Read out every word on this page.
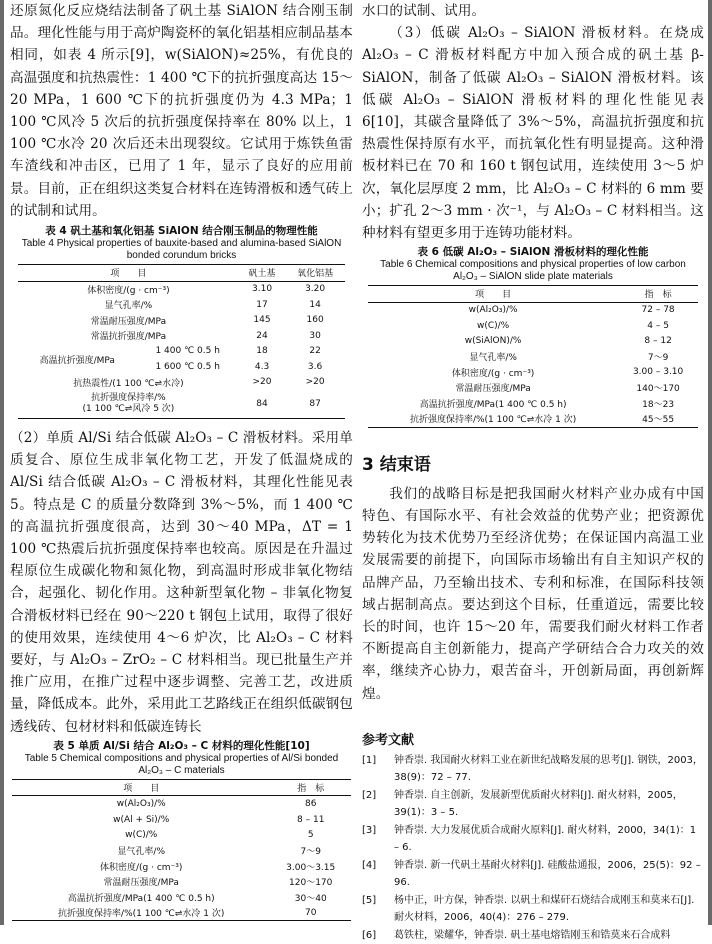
还原氮化反应烧结法制备了矾土基 SiAlON 结合刚玉制品。理化性能与用于高炉陶瓷杯的氧化铝基相应制品基本相同，如表 4 所示[9]，w(SiAlON)≈25%，有优良的高温强度和抗热震性：1 400 ℃下的抗折强度高达 15～20 MPa，1 600 ℃下的抗折强度仍为 4.3 MPa；1 100 ℃风冷 5 次后的抗折强度保持率在 80% 以上，1 100 ℃水冷 20 次后还未出现裂纹。它试用于炼铁鱼雷车渣线和冲击区，已用了 1 年，显示了良好的应用前景。目前，正在组织这类复合材料在连铸滑板和透气砖上的试制和试用。

表 4 矾土基和氧化铝基 SiAlON 结合刚玉制品的物理性能

Table 4 Physical properties of bauxite-based and alumina-based SiAlON bonded corundum bricks

项　　目		矾土基	氧化铝基
体积密度/(g · cm⁻³)		3.10	3.20
显气孔率/%		17	14
常温耐压强度/MPa		145	160
常温抗折强度/MPa		24	30
高温抗折强度/MPa	1 400 ℃ 0.5 h	18	22
	1 600 ℃ 0.5 h	4.3	3.6
抗热震性/(1 100 ℃⇌水冷)		>20	>20
抗折强度保持率/%
(1 100 ℃⇌风冷 5 次)		84	87

（2）单质 Al/Si 结合低碳 Al₂O₃ – C 滑板材料。采用单质复合、原位生成非氧化物工艺，开发了低温烧成的 Al/Si 结合低碳 Al₂O₃ – C 滑板材料，其理化性能见表 5。特点是 C 的质量分数降到 3%～5%，而 1 400 ℃的高温抗折强度很高，达到 30～40 MPa，ΔT = 1 100 ℃热震后抗折强度保持率也较高。原因是在升温过程原位生成碳化物和氮化物，到高温时形成非氧化物结合，起强化、韧化作用。这种新型氧化物 – 非氧化物复合滑板材料已经在 90～220 t 钢包上试用，取得了很好的使用效果，连续使用 4～6 炉次，比 Al₂O₃ – C 材料要好，与 Al₂O₃ – ZrO₂ – C 材料相当。现已批量生产并推广应用，在推广过程中逐步调整、完善工艺，改进质量，降低成本。此外，采用此工艺路线正在组织低碳钢包透线砖、包材材料和低碳连铸长

表 5 单质 Al/Si 结合 Al₂O₃ – C 材料的理化性能[10]

Table 5 Chemical compositions and physical properties of Al/Si bonded Al₂O₃ – C materials

项　　目	指　标
w(Al₂O₃)/%	86
w(Al + Si)/%	8 – 11
w(C)/%	5
显气孔率/%	7～9
体积密度/(g · cm⁻³)	3.00～3.15
常温耐压强度/MPa	120～170
高温抗折强度/MPa(1 400 ℃ 0.5 h)	30～40
抗折强度保持率/%(1 100 ℃⇌水冷 1 次)	70

水口的试制、试用。

（3）低碳 Al₂O₃ – SiAlON 滑板材料。在烧成 Al₂O₃ – C 滑板材料配方中加入预合成的矾土基 β-SiAlON，制备了低碳 Al₂O₃ – SiAlON 滑板材料。该低碳 Al₂O₃ – SiAlON 滑板材料的理化性能见表 6[10]，其碳含量降低了 3%～5%，高温抗折强度和抗热震性保持原有水平，而抗氧化性有明显提高。这种滑板材料已在 70 和 160 t 钢包试用，连续使用 3～5 炉次，氧化层厚度 2 mm，比 Al₂O₃ – C 材料的 6 mm 要小；扩孔 2～3 mm · 次⁻¹，与 Al₂O₃ – C 材料相当。这种材料有望更多用于连铸功能材料。

表 6 低碳 Al₂O₃ – SiAlON 滑板材料的理化性能

Table 6 Chemical compositions and physical properties of low carbon Al₂O₃ – SiAlON slide plate materials

项　　目	指　标
w(Al₂O₃)/%	72 – 78
w(C)/%	4 – 5
w(SiAlON)/%	8 – 12
显气孔率/%	7～9
体积密度/(g · cm⁻³)	3.00 – 3.10
常温耐压强度/MPa	140～170
高温抗折强度/MPa(1 400 ℃ 0.5 h)	18～23
抗折强度保持率/%(1 100 ℃⇌水冷 1 次)	45～55
3 结束语

我们的战略目标是把我国耐火材料产业办成有中国特色、有国际水平、有社会效益的优势产业；把资源优势转化为技术优势乃至经济优势；在保证国内高温工业发展需要的前提下，向国际市场输出有自主知识产权的品牌产品，乃至输出技术、专利和标准，在国际科技领域占据制高点。要达到这个目标，任重道远，需要比较长的时间，也许 15～20 年，需要我们耐火材料工作者不断提高自主创新能力，提高产学研结合合力攻关的效率，继续齐心协力，艰苦奋斗，开创新局面，再创新辉煌。

参考文献

[1] 钟香崇. 我国耐火材料工业在新世纪战略发展的思考[J]. 钢铁，2003，38(9)：72 – 77.

[2] 钟香崇. 自主创新，发展新型优质耐火材料[J]. 耐火材料，2005，39(1)：3 – 5.

[3] 钟香崇. 大力发展优质合成耐火原料[J]. 耐火材料，2000，34(1)：1 – 6.

[4] 钟香崇. 新一代矾土基耐火材料[J]. 硅酸盐通报，2006，25(5)：92 – 96.

[5] 杨中正，叶方保，钟香崇. 以矾土和煤矸石烧结合成刚玉和莫来石[J]. 耐火材料，2006，40(4)：276 – 279.

[6] 葛铁柱，梁耀华，钟香崇. 矾土基电熔锆刚玉和锆莫来石合成料
